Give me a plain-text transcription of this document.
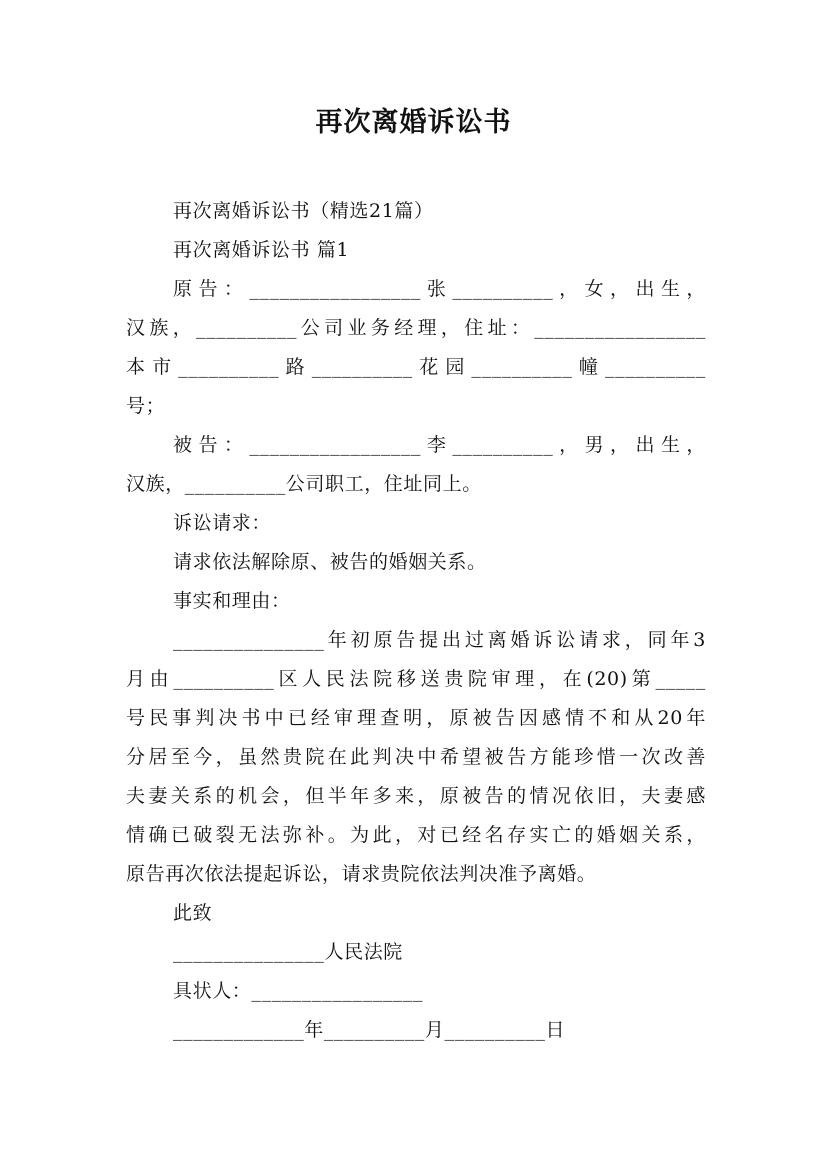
再次离婚诉讼书
再次离婚诉讼书（精选21篇）
再次离婚诉讼书 篇1
原告：_________________张__________，女，出生，
汉族，__________公司业务经理，住址：_________________
本市__________路__________花园__________幢__________
号；
被告：_________________李__________，男，出生，
汉族，__________公司职工，住址同上。
诉讼请求：
请求依法解除原、被告的婚姻关系。
事实和理由：
_______________年初原告提出过离婚诉讼请求，同年3
月由__________区人民法院移送贵院审理，在(20)第_____
号民事判决书中已经审理查明，原被告因感情不和从20年
分居至今，虽然贵院在此判决中希望被告方能珍惜一次改善
夫妻关系的机会，但半年多来，原被告的情况依旧，夫妻感
情确已破裂无法弥补。为此，对已经名存实亡的婚姻关系，
原告再次依法提起诉讼，请求贵院依法判决准予离婚。
此致
_______________人民法院
具状人：_________________
_____________年__________月__________日
